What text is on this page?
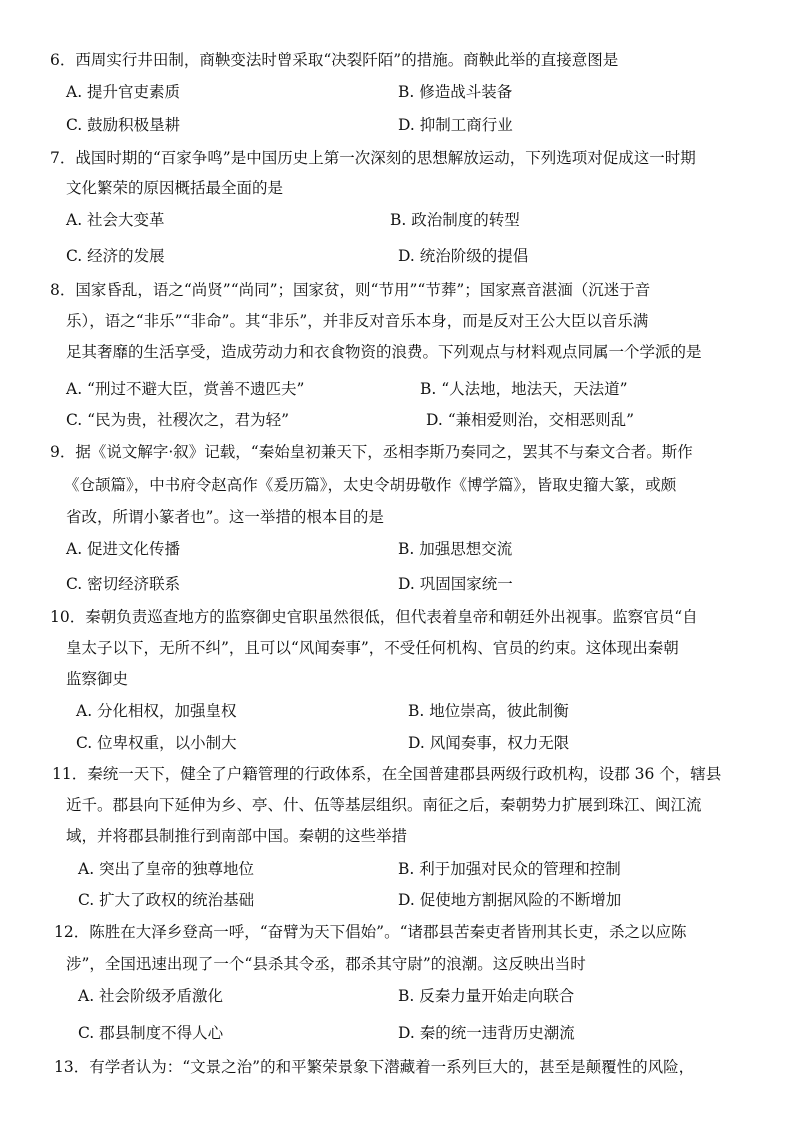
6．西周实行井田制，商鞅变法时曾采取“决裂阡陌”的措施。商鞅此举的直接意图是
A. 提升官吏素质	B. 修造战斗装备
C. 鼓励积极垦耕	D. 抑制工商行业
7．战国时期的“百家争鸣”是中国历史上第一次深刻的思想解放运动，下列选项对促成这一时期
文化繁荣的原因概括最全面的是
A. 社会大变革	B. 政治制度的转型
C. 经济的发展	D. 统治阶级的提倡
8．国家昏乱，语之“尚贤”“尚同”；国家贫，则“节用”“节葬”；国家熹音湛湎（沉迷于音
乐），语之“非乐”“非命”。其“非乐”，并非反对音乐本身，而是反对王公大臣以音乐满
足其奢靡的生活享受，造成劳动力和衣食物资的浪费。下列观点与材料观点同属一个学派的是
A. “刑过不避大臣，赏善不遗匹夫”	B. “人法地，地法天，天法道”
C. “民为贵，社稷次之，君为轻”	D. “兼相爱则治，交相恶则乱”
9．据《说文解字·叙》记载，“秦始皇初兼天下，丞相李斯乃奏同之，罢其不与秦文合者。斯作
《仓颉篇》，中书府令赵高作《爰历篇》，太史令胡毋敬作《博学篇》，皆取史籀大篆，或颇
省改，所谓小篆者也”。这一举措的根本目的是
A. 促进文化传播	B. 加强思想交流
C. 密切经济联系	D. 巩固国家统一
10．秦朝负责巡查地方的监察御史官职虽然很低，但代表着皇帝和朝廷外出视事。监察官员“自
皇太子以下，无所不纠”，且可以“风闻奏事”，不受任何机构、官员的约束。这体现出秦朝
监察御史
A. 分化相权，加强皇权	B. 地位崇高，彼此制衡
C. 位卑权重，以小制大	D. 风闻奏事，权力无限
11．秦统一天下，健全了户籍管理的行政体系，在全国普建郡县两级行政机构，设郡 36 个，辖县
近千。郡县向下延伸为乡、亭、什、伍等基层组织。南征之后，秦朝势力扩展到珠江、闽江流
域，并将郡县制推行到南部中国。秦朝的这些举措
A. 突出了皇帝的独尊地位	B. 利于加强对民众的管理和控制
C. 扩大了政权的统治基础	D. 促使地方割据风险的不断增加
12．陈胜在大泽乡登高一呼，“奋臂为天下倡始”。“诸郡县苦秦吏者皆刑其长吏，杀之以应陈
涉”，全国迅速出现了一个“县杀其令丞，郡杀其守尉”的浪潮。这反映出当时
A. 社会阶级矛盾激化	B. 反秦力量开始走向联合
C. 郡县制度不得人心	D. 秦的统一违背历史潮流
13．有学者认为：“文景之治”的和平繁荣景象下潜藏着一系列巨大的，甚至是颠覆性的风险，
